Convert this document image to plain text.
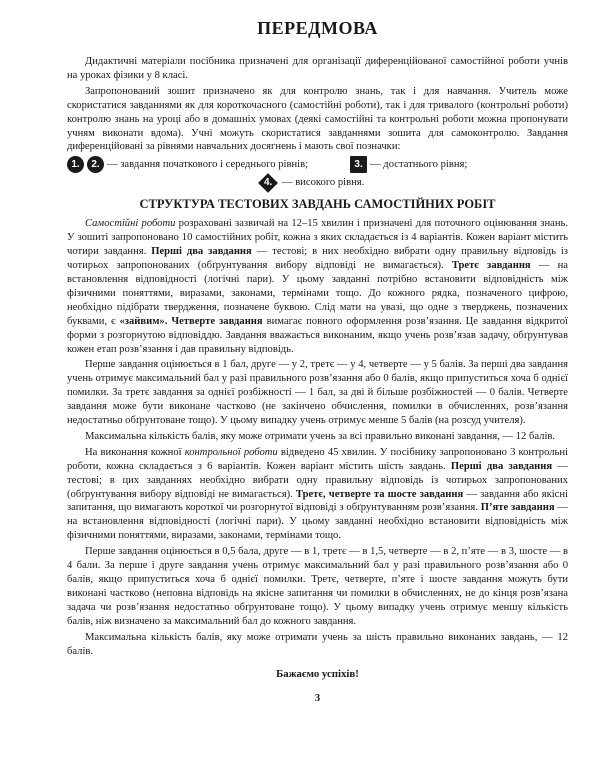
ПЕРЕДМОВА

Дидактичні матеріали посібника призначені для організації диференційованої самостійної роботи учнів на уроках фізики у 8 класі.

Запропонований зошит призначено як для контролю знань, так і для навчання. Учитель може скористатися завданнями як для короткочасного (самостійні роботи), так і для тривалого (контрольні роботи) контролю знань на уроці або в домашніх умовах (деякі самостійні та контрольні роботи можна пропонувати учням виконати вдома). Учні можуть скористатися завданнями зошита для самоконтролю. Завдання диференційовані за рівнями навчальних досягнень і мають свої позначки:

1. 2. — завдання початкового і середнього рівнів;	3. — достатнього рівня;
4. — високого рівня.
СТРУКТУРА ТЕСТОВИХ ЗАВДАНЬ САМОСТІЙНИХ РОБІТ

Самостійні роботи розраховані зазвичай на 12–15 хвилин і призначені для поточного оцінювання знань. У зошиті запропоновано 10 самостійних робіт, кожна з яких складається із 4 варіантів. Кожен варіант містить чотири завдання. Перші два завдання — тестові; в них необхідно вибрати одну правильну відповідь із чотирьох запропонованих (обґрунтування вибору відповіді не вимагається). Третє завдання — на встановлення відповідності (логічні пари). У цьому завданні потрібно встановити відповідність між фізичними поняттями, виразами, законами, термінами тощо. До кожного рядка, позначеного цифрою, необхідно підібрати твердження, позначене буквою. Слід мати на увазі, що одне з тверджень, позначених буквами, є «зайвим». Четверте завдання вимагає повного оформлення розв’язання. Це завдання відкритої форми з розгорнутою відповіддю. Завдання вважається виконаним, якщо учень розв’язав задачу, обґрунтував кожен етап розв’язання і дав правильну відповідь.

Перше завдання оцінюється в 1 бал, друге — у 2, третє — у 4, четверте — у 5 балів. За перші два завдання учень отримує максимальний бал у разі правильного розв’язання або 0 балів, якщо припуститься хоча б однієї помилки. За третє завдання за однієї розбіжності — 1 бал, за дві й більше розбіжностей — 0 балів. Четверте завдання може бути виконане частково (не закінчено обчислення, помилки в обчисленнях, розв’язання недостатньо обґрунтоване тощо). У цьому випадку учень отримує менше 5 балів (на розсуд учителя).

Максимальна кількість балів, яку може отримати учень за всі правильно виконані завдання, — 12 балів.

На виконання кожної контрольної роботи відведено 45 хвилин. У посібнику запропоновано 3 контрольні роботи, кожна складається з 6 варіантів. Кожен варіант містить шість завдань. Перші два завдання — тестові; в цих завданнях необхідно вибрати одну правильну відповідь із чотирьох запропонованих (обґрунтування вибору відповіді не вимагається). Третє, четверте та шосте завдання — завдання або якісні запитання, що вимагають короткої чи розгорнутої відповіді з обґрунтуванням розв’язання. П’яте завдання — на встановлення відповідності (логічні пари). У цьому завданні необхідно встановити відповідність між фізичними поняттями, виразами, законами, термінами тощо.

Перше завдання оцінюється в 0,5 бала, друге — в 1, третє — в 1,5, четверте — в 2, п’яте — в 3, шосте — в 4 бали. За перше і друге завдання учень отримує максимальний бал у разі правильного розв’язання або 0 балів, якщо припуститься хоча б однієї помилки. Третє, четверте, п’яте і шосте завдання можуть бути виконані частково (неповна відповідь на якісне запитання чи помилки в обчисленнях, не до кінця розв’язана задача чи розв’язання недостатньо обґрунтоване тощо). У цьому випадку учень отримує меншу кількість балів, ніж визначено за максимальний бал до кожного завдання.

Максимальна кількість балів, яку може отримати учень за шість правильно виконаних завдань, — 12 балів.

Бажаємо успіхів!

3
